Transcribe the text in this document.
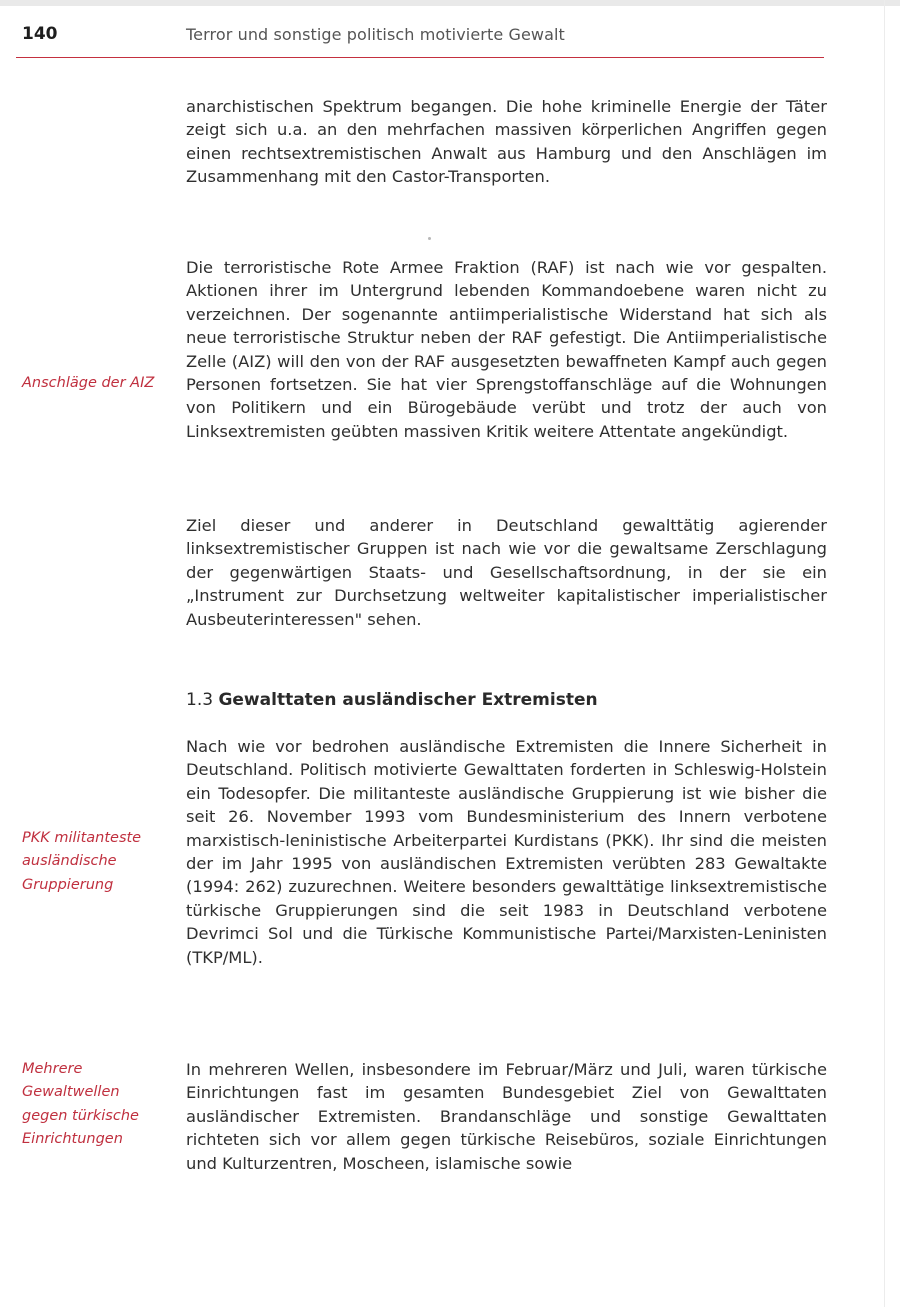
140	Terror und sonstige politisch motivierte Gewalt

anarchistischen Spektrum begangen. Die hohe kriminelle Energie der Täter zeigt sich u.a. an den mehrfachen massiven körperlichen Angriffen gegen einen rechtsextremistischen Anwalt aus Hamburg und den Anschlägen im Zusammenhang mit den Castor-Transporten.

Die terroristische Rote Armee Fraktion (RAF) ist nach wie vor gespalten. Aktionen ihrer im Untergrund lebenden Kommandoebene waren nicht zu verzeichnen. Der sogenannte antiimperialistische Widerstand hat sich als neue terroristische Struktur neben der RAF gefestigt. Die Antiimperialistische Zelle (AIZ) will den von der RAF ausgesetzten bewaffneten Kampf auch gegen Personen fortsetzen. Sie hat vier Sprengstoffanschläge auf die Wohnungen von Politikern und ein Bürogebäude verübt und trotz der auch von Linksextremisten geübten massiven Kritik weitere Attentate angekündigt.

Anschläge der AIZ

Ziel dieser und anderer in Deutschland gewalttätig agierender linksextremistischer Gruppen ist nach wie vor die gewaltsame Zerschlagung der gegenwärtigen Staats- und Gesellschaftsordnung, in der sie ein „Instrument zur Durchsetzung weltweiter kapitalistischer imperialistischer Ausbeuterinteressen" sehen.

1.3 Gewalttaten ausländischer Extremisten

Nach wie vor bedrohen ausländische Extremisten die Innere Sicherheit in Deutschland. Politisch motivierte Gewalttaten forderten in Schleswig-Holstein ein Todesopfer. Die militanteste ausländische Gruppierung ist wie bisher die seit 26. November 1993 vom Bundesministerium des Innern verbotene marxistisch-leninistische Arbeiterpartei Kurdistans (PKK). Ihr sind die meisten der im Jahr 1995 von ausländischen Extremisten verübten 283 Gewaltakte (1994: 262) zuzurechnen. Weitere besonders gewalttätige linksextremistische türkische Gruppierungen sind die seit 1983 in Deutschland verbotene Devrimci Sol und die Türkische Kommunistische Partei/Marxisten-Leninisten (TKP/ML).

PKK militanteste
ausländische
Gruppierung

In mehreren Wellen, insbesondere im Februar/März und Juli, waren türkische Einrichtungen fast im gesamten Bundesgebiet Ziel von Gewalttaten ausländischer Extremisten. Brandanschläge und sonstige Gewalttaten richteten sich vor allem gegen türkische Reisebüros, soziale Einrichtungen und Kulturzentren, Moscheen, islamische sowie

Mehrere
Gewaltwellen
gegen türkische
Einrichtungen
